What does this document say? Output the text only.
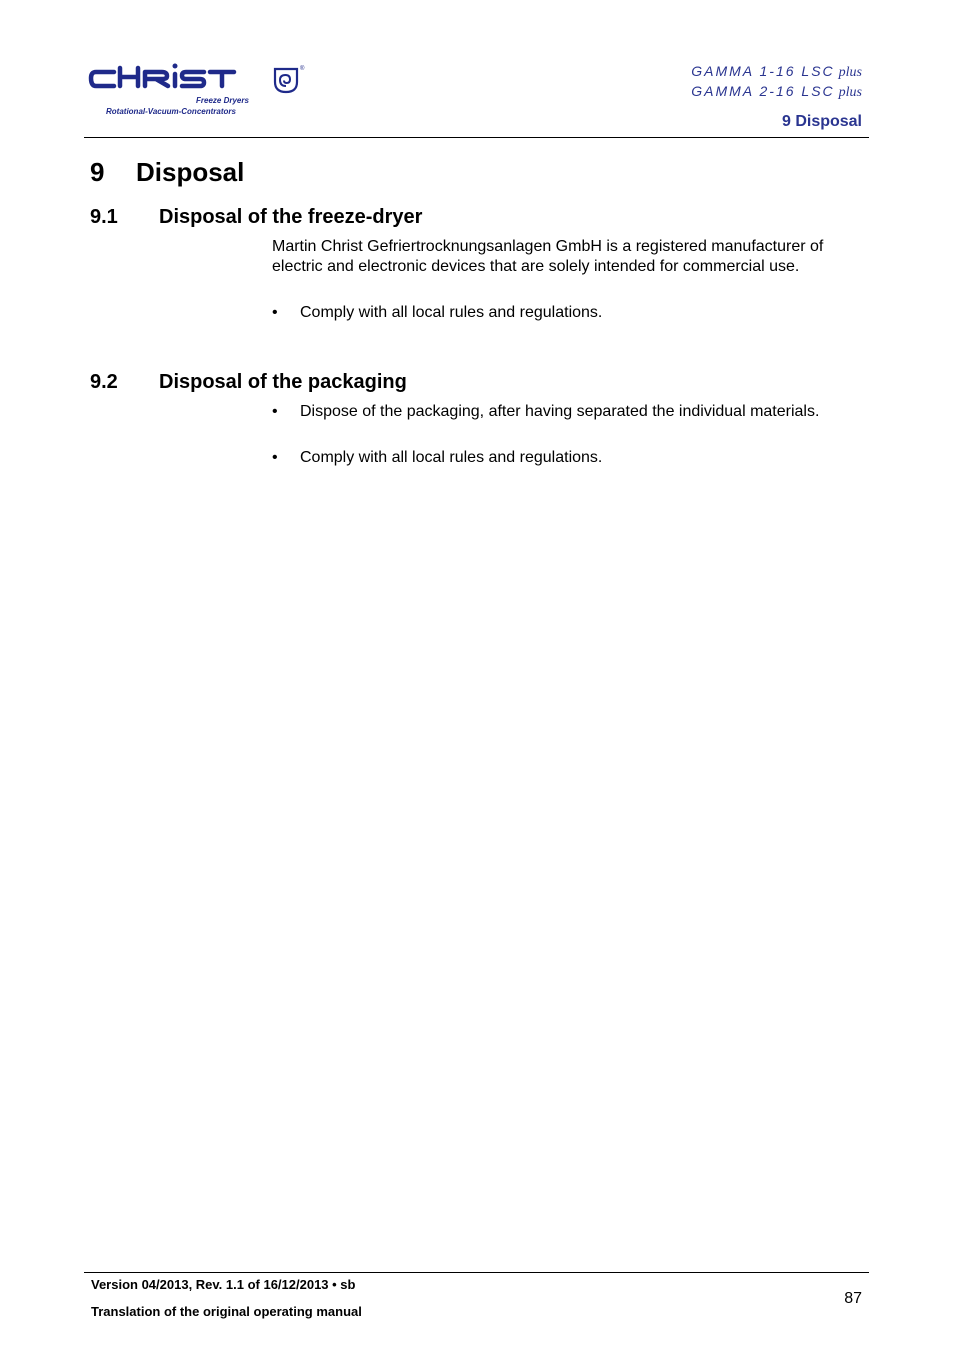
Freeze Dryers
Rotational-Vacuum-Concentrators
®	GAMMA 1-16 LSC plus
GAMMA 2-16 LSC plus
9 Disposal
9 Disposal
9.1 Disposal of the freeze-dryer
Martin Christ Gefriertrocknungsanlagen GmbH is a registered manufacturer of electric and electronic devices that are solely intended for commercial use.
• Comply with all local rules and regulations.
9.2 Disposal of the packaging
• Dispose of the packaging, after having separated the individual materials.
• Comply with all local rules and regulations.
Version 04/2013, Rev. 1.1 of 16/12/2013 • sb
Translation of the original operating manual
87
